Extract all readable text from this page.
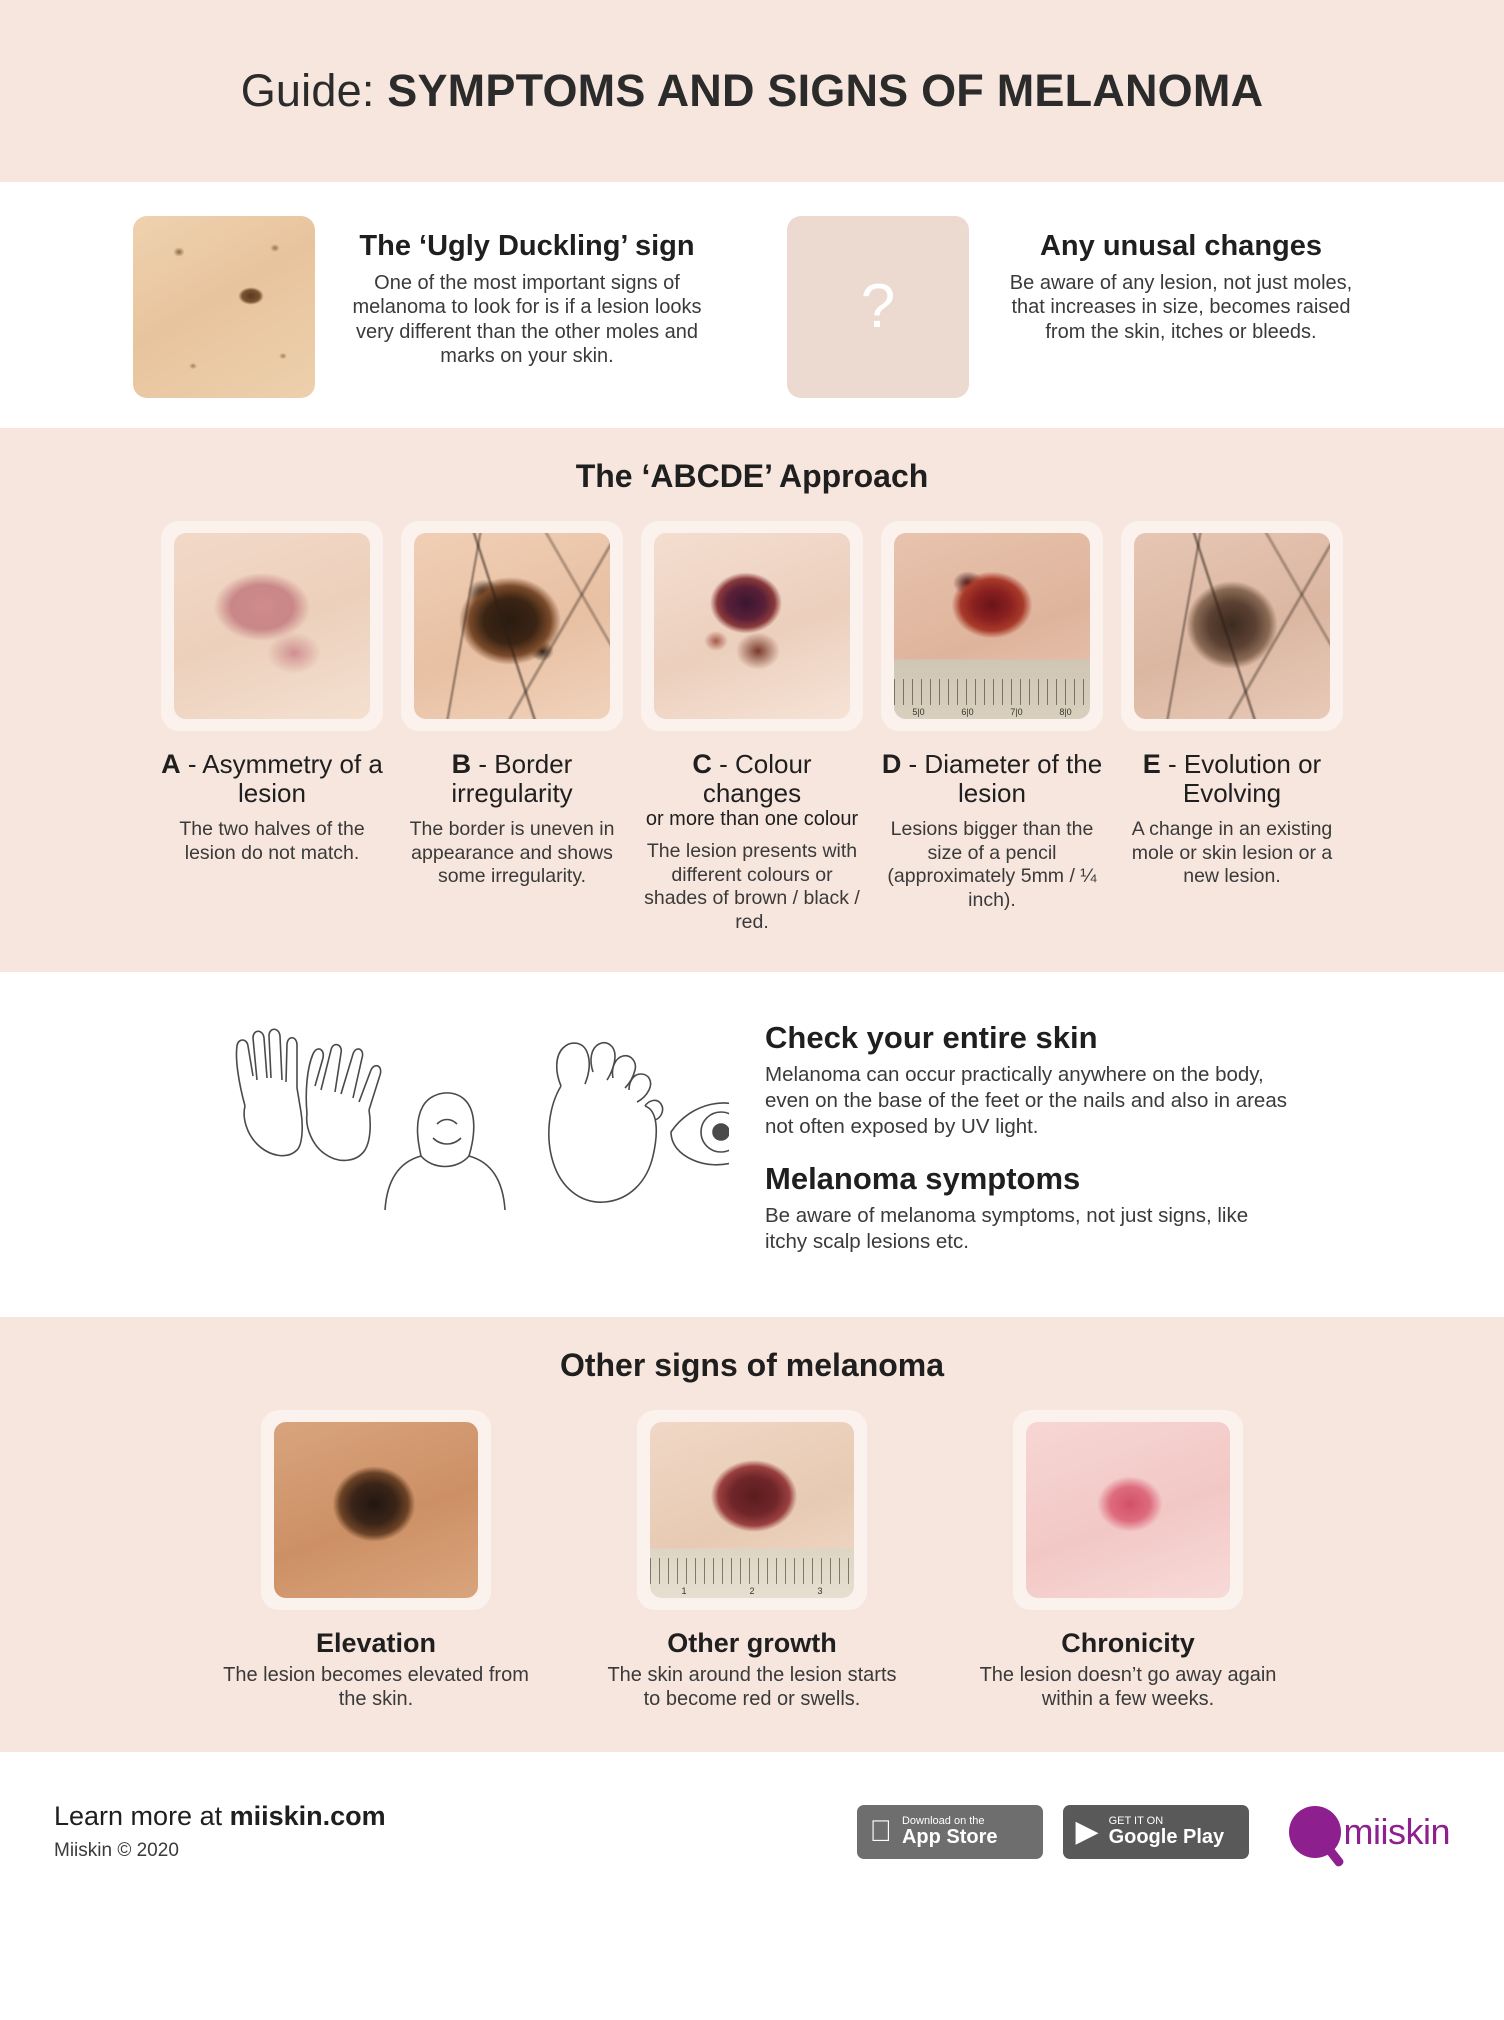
Guide: SYMPTOMS AND SIGNS OF MELANOMA
The ‘Ugly Duckling’ sign
One of the most important signs of melanoma to look for is if a lesion looks very different than the other moles and marks on your skin.
?
Any unusal changes
Be aware of any lesion, not just moles, that increases in size, becomes raised from the skin, itches or bleeds.
The ‘ABCDE’ Approach
A - Asymmetry of a lesion
The two halves of the lesion do not match.
B - Border irregularity
The border is uneven in appearance and shows some irregularity.
C - Colour changes
or more than one colour
The lesion presents with different colours or shades of brown / black / red.
5|0	6|0	7|0	8|0
D - Diameter of the lesion
Lesions bigger than the size of a pencil (approximately 5mm / ¼ inch).
E - Evolution or Evolving
A change in an existing mole or skin lesion or a new lesion.
Check your entire skin
Melanoma can occur practically anywhere on the body, even on the base of the feet or the nails and also in areas not often exposed by UV light.
Melanoma symptoms
Be aware of melanoma symptoms, not just signs, like itchy scalp lesions etc.
Other signs of melanoma
Elevation
The lesion becomes elevated from the skin.
1	2	3
Other growth
The skin around the lesion starts to become red or swells.
Chronicity
The lesion doesn’t go away again within a few weeks.
Learn more at miiskin.com
Miiskin © 2020
Download on the
App Store	▶ GET IT ON
Google Play	miiskin
